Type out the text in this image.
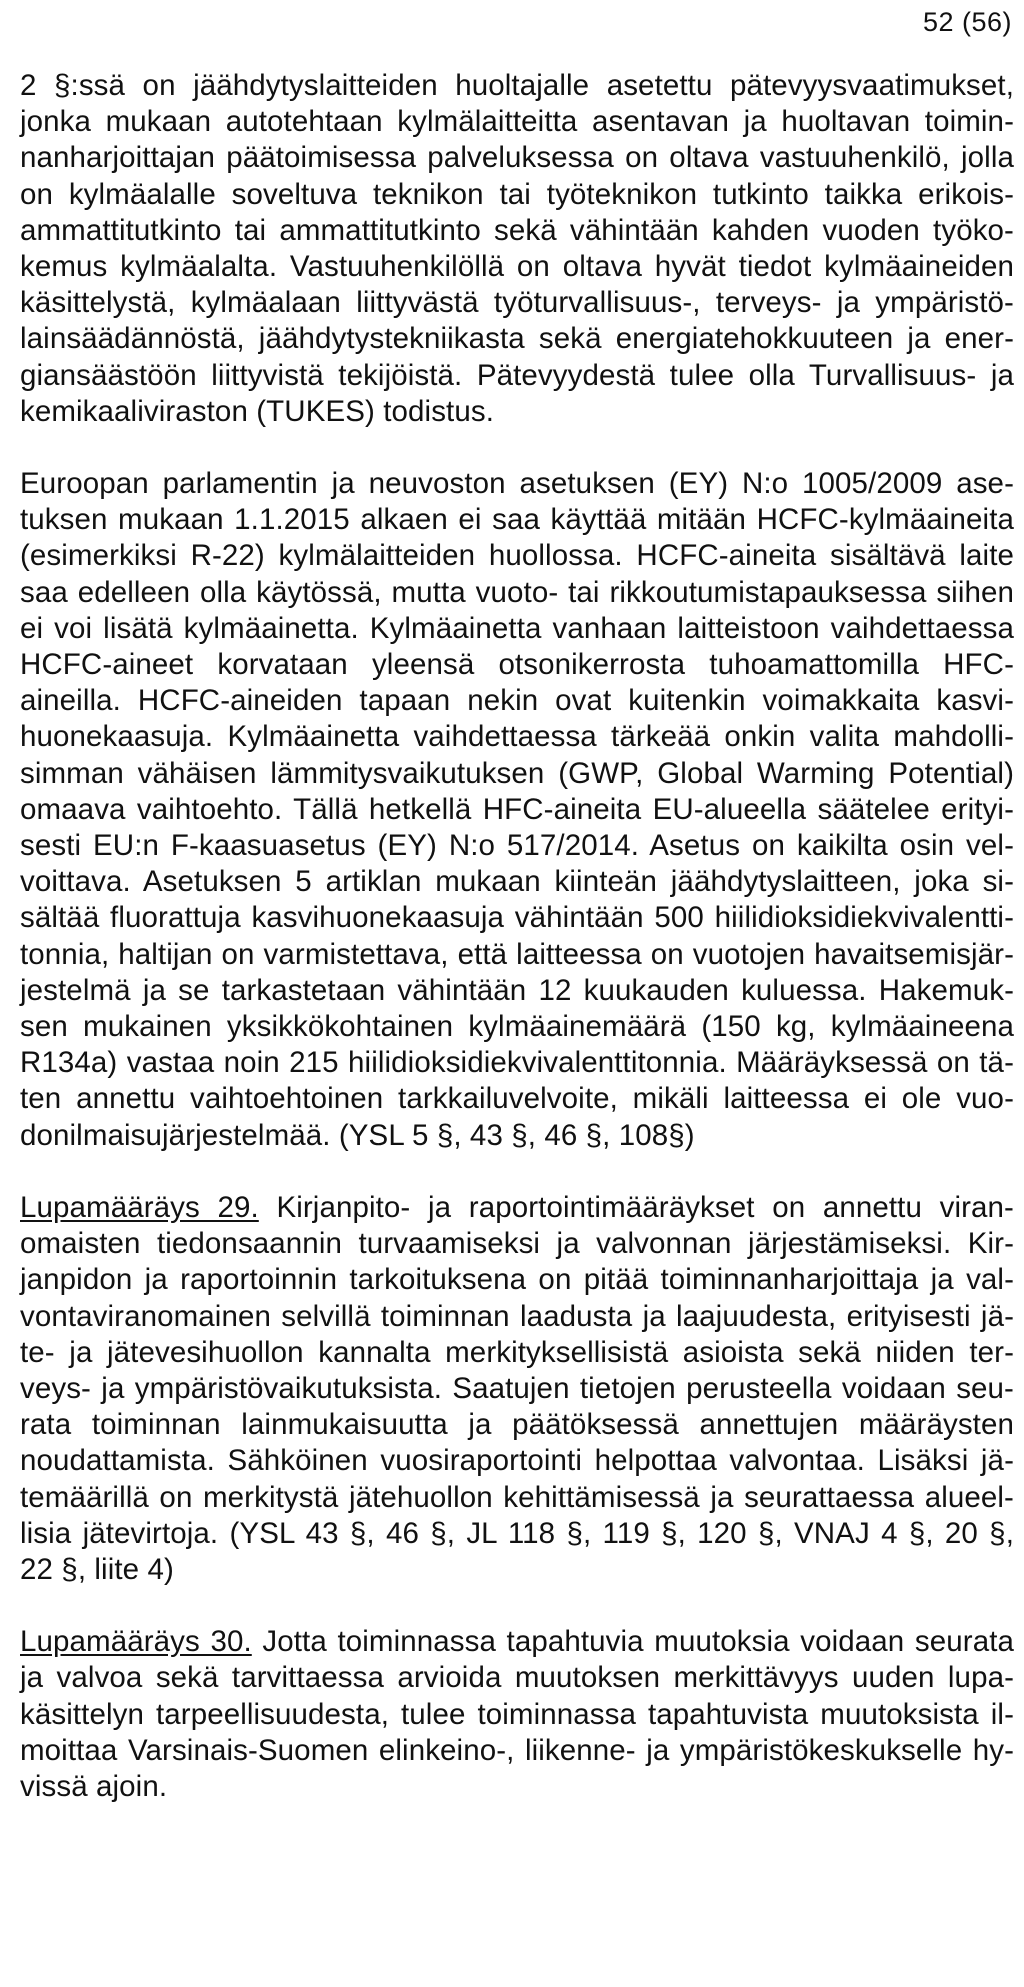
52 (56)

2 §:ssä on jäähdytyslaitteiden huoltajalle asetettu pätevyysvaatimukset,
jonka mukaan autotehtaan kylmälaitteitta asentavan ja huoltavan toimin-
nanharjoittajan päätoimisessa palveluksessa on oltava vastuuhenkilö, jolla
on kylmäalalle soveltuva teknikon tai työteknikon tutkinto taikka erikois-
ammattitutkinto tai ammattitutkinto sekä vähintään kahden vuoden työko-
kemus kylmäalalta. Vastuuhenkilöllä on oltava hyvät tiedot kylmäaineiden
käsittelystä, kylmäalaan liittyvästä työturvallisuus-, terveys- ja ympäristö-
lainsäädännöstä, jäähdytystekniikasta sekä energiatehokkuuteen ja ener-
giansäästöön liittyvistä tekijöistä. Pätevyydestä tulee olla Turvallisuus- ja
kemikaaliviraston (TUKES) todistus.

Euroopan parlamentin ja neuvoston asetuksen (EY) N:o 1005/2009 ase-
tuksen mukaan 1.1.2015 alkaen ei saa käyttää mitään HCFC-kylmäaineita
(esimerkiksi R-22) kylmälaitteiden huollossa. HCFC-aineita sisältävä laite
saa edelleen olla käytössä, mutta vuoto- tai rikkoutumistapauksessa siihen
ei voi lisätä kylmäainetta. Kylmäainetta vanhaan laitteistoon vaihdettaessa
HCFC-aineet korvataan yleensä otsonikerrosta tuhoamattomilla HFC-
aineilla. HCFC-aineiden tapaan nekin ovat kuitenkin voimakkaita kasvi-
huonekaasuja. Kylmäainetta vaihdettaessa tärkeää onkin valita mahdolli-
simman vähäisen lämmitysvaikutuksen (GWP, Global Warming Potential)
omaava vaihtoehto. Tällä hetkellä HFC-aineita EU-alueella säätelee erityi-
sesti EU:n F-kaasuasetus (EY) N:o 517/2014. Asetus on kaikilta osin vel-
voittava. Asetuksen 5 artiklan mukaan kiinteän jäähdytyslaitteen, joka si-
sältää fluorattuja kasvihuonekaasuja vähintään 500 hiilidioksidiekvivalentti-
tonnia, haltijan on varmistettava, että laitteessa on vuotojen havaitsemisjär-
jestelmä ja se tarkastetaan vähintään 12 kuukauden kuluessa. Hakemuk-
sen mukainen yksikkökohtainen kylmäainemäärä (150 kg, kylmäaineena
R134a) vastaa noin 215 hiilidioksidiekvivalenttitonnia. Määräyksessä on tä-
ten annettu vaihtoehtoinen tarkkailuvelvoite, mikäli laitteessa ei ole vuo-
donilmaisujärjestelmää. (YSL 5 §, 43 §, 46 §, 108§)

Lupamääräys 29. Kirjanpito- ja raportointimääräykset on annettu viran-
omaisten tiedonsaannin turvaamiseksi ja valvonnan järjestämiseksi. Kir-
janpidon ja raportoinnin tarkoituksena on pitää toiminnanharjoittaja ja val-
vontaviranomainen selvillä toiminnan laadusta ja laajuudesta, erityisesti jä-
te- ja jätevesihuollon kannalta merkityksellisistä asioista sekä niiden ter-
veys- ja ympäristövaikutuksista. Saatujen tietojen perusteella voidaan seu-
rata toiminnan lainmukaisuutta ja päätöksessä annettujen määräysten
noudattamista. Sähköinen vuosiraportointi helpottaa valvontaa. Lisäksi jä-
temäärillä on merkitystä jätehuollon kehittämisessä ja seurattaessa alueel-
lisia jätevirtoja. (YSL 43 §, 46 §, JL 118 §, 119 §, 120 §, VNAJ 4 §, 20 §,
22 §, liite 4)

Lupamääräys 30. Jotta toiminnassa tapahtuvia muutoksia voidaan seurata
ja valvoa sekä tarvittaessa arvioida muutoksen merkittävyys uuden lupa-
käsittelyn tarpeellisuudesta, tulee toiminnassa tapahtuvista muutoksista il-
moittaa Varsinais-Suomen elinkeino-, liikenne- ja ympäristökeskukselle hy-
vissä ajoin.
